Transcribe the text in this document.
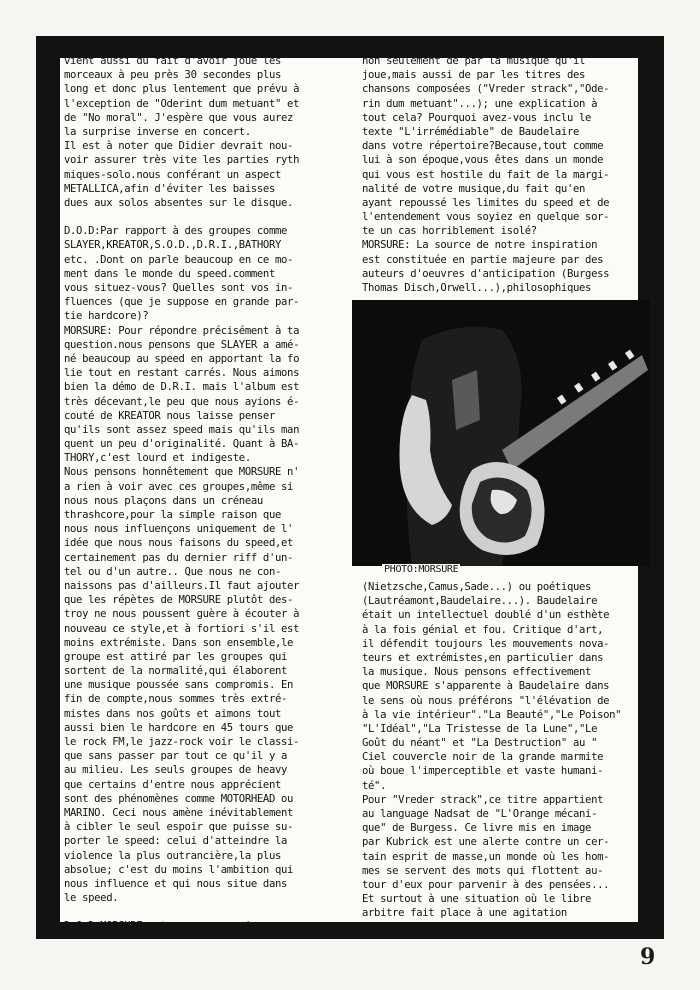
vient aussi du fait d'avoir joué les
morceaux à peu près 30 secondes plus
long et donc plus lentement que prévu à
l'exception de "Oderint dum metuant" et
de "No moral". J'espère que vous aurez
la surprise inverse en concert.
Il est à noter que Didier devrait nou-
voir assurer très vite les parties ryth
miques-solo.nous conférant un aspect
METALLICA,afin d'éviter les baisses
dues aux solos absentes sur le disque.
D.O.D:Par rapport à des groupes comme
SLAYER,KREATOR,S.O.D.,D.R.I.,BATHORY
etc. .Dont on parle beaucoup en ce mo-
ment dans le monde du speed.comment
vous situez-vous? Quelles sont vos in-
fluences (que je suppose en grande par-
tie hardcore)?
MORSURE: Pour répondre précisément à ta
question.nous pensons que SLAYER a amé-
né beaucoup au speed en apportant la fo
lie tout en restant carrés. Nous aimons
bien la démo de D.R.I. mais l'album est
très décevant,le peu que nous ayions é-
couté de KREATOR nous laisse penser
qu'ils sont assez speed mais qu'ils man
quent un peu d'originalité. Quant à BA-
THORY,c'est lourd et indigeste.
Nous pensons honnêtement que MORSURE n'
a rien à voir avec ces groupes,même si
nous nous plaçons dans un créneau
thrashcore,pour la simple raison que
nous nous influençons uniquement de l'
idée que nous nous faisons du speed,et
certainement pas du dernier riff d'un-
tel ou d'un autre.. Que nous ne con-
naissons pas d'ailleurs.Il faut ajouter
que les répètes de MORSURE plutôt des-
troy ne nous poussent guère à écouter à
nouveau ce style,et à fortiori s'il est
moins extrémiste. Dans son ensemble,le
groupe est attiré par les groupes qui
sortent de la normalité,qui élaborent
une musique poussée sans compromis. En
fin de compte,nous sommes très extré-
mistes dans nos goûts et aimons tout
aussi bien le hardcore en 45 tours que
le rock FM,le jazz-rock voir le classi-
que sans passer par tout ce qu'il y a
au milieu. Les seuls groupes de heavy
que certains d'entre nous apprécient
sont des phénomènes comme MOTORHEAD ou
MARINO. Ceci nous amène inévitablement
à cibler le seul espoir que puisse su-
porter le speed: celui d'atteindre la
violence la plus outrancière,la plus
absolue; c'est du moins l'ambition qui
nous influence et qui nous situe dans
le speed.
D.O.D:MORSURE est un groupe unique,
non seulement de par la musique qu'il
joue,mais aussi de par les titres des
chansons composées ("Vreder strack","Ode-
rin dum metuant"...); une explication à
tout cela? Pourquoi avez-vous inclu le
texte "L'irrémédiable" de Baudelaire
dans votre répertoire?Because,tout comme
lui à son époque,vous êtes dans un monde
qui vous est hostile du fait de la margi-
nalité de votre musique,du fait qu'en
ayant repoussé les limites du speed et de
l'entendement vous soyiez en quelque sor-
te un cas horriblement isolé?
MORSURE: La source de notre inspiration
est constituée en partie majeure par des
auteurs d'oeuvres d'anticipation (Burgess
Thomas Disch,Orwell...),philosophiques
PHOTO:MORSURE
(Nietzsche,Camus,Sade...) ou poétiques
(Lautréamont,Baudelaire...). Baudelaire
était un intellectuel doublé d'un esthète
à la fois génial et fou. Critique d'art,
il défendit toujours les mouvements nova-
teurs et extrémistes,en particulier dans
la musique. Nous pensons effectivement
que MORSURE s'apparente à Baudelaire dans
le sens où nous préférons "l'élévation de
à la vie intérieur"."La Beauté","Le Poison"
"L'Idéal","La Tristesse de la Lune","Le
Goût du néant" et "La Destruction" au "
Ciel couvercle noir de la grande marmite
où boue l'imperceptible et vaste humani-
té".
Pour "Vreder strack",ce titre appartient
au language Nadsat de "L'Orange mécani-
que" de Burgess. Ce livre mis en image
par Kubrick est une alerte contre un cer-
tain esprit de masse,un monde où les hom-
mes se servent des mots qui flottent au-
tour d'eux pour parvenir à des pensées...
Et surtout à une situation où le libre
arbitre fait place à une agitation
9
